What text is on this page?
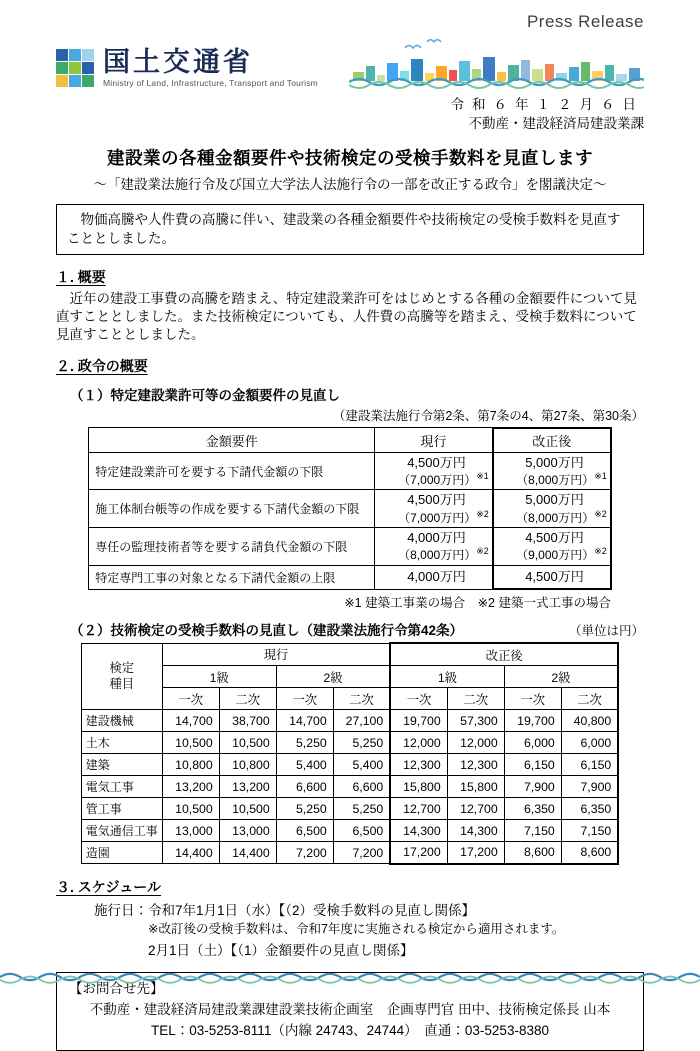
Press Release
国土交通省
Ministry of Land, Infrastructure, Transport and Tourism
令和６年１２月６日
不動産・建設経済局建設業課
建設業の各種金額要件や技術検定の受検手数料を見直します
～「建設業法施行令及び国立大学法人法施行令の一部を改正する政令」を閣議決定～

　物価高騰や人件費の高騰に伴い、建設業の各種金額要件や技術検定の受検手数料を見直すこととしました。

１. 概要

　近年の建設工事費の高騰を踏まえ、特定建設業許可をはじめとする各種の金額要件について見直すこととしました。また技術検定についても、人件費の高騰等を踏まえ、受検手数料について見直すこととしました。

２. 政令の概要
（１）特定建設業許可等の金額要件の見直し
（建設業法施行令第2条、第7条の4、第27条、第30条）
金額要件	現行	改正後
特定建設業許可を要する下請代金額の下限	
4,500万円
（7,000万円）$^{※1}$

5,000万円
（8,000万円）$^{※1}$

施工体制台帳等の作成を要する下請代金額の下限	
4,500万円
（7,000万円）$^{※2}$

5,000万円
（8,000万円）$^{※2}$

専任の監理技術者等を要する請負代金額の下限	
4,000万円
（8,000万円）$^{※2}$

4,500万円
（9,000万円）$^{※2}$

特定専門工事の対象となる下請代金額の上限	4,000万円	4,500万円
※1 建築工事業の場合　※2 建築一式工事の場合
（２）技術検定の受検手数料の見直し（建設業法施行令第42条）	（単位は円）
検定種目	現行				改正後			
	1級		2級		1級		2級	
	一次	二次	一次	二次	一次	二次	一次	二次
建設機械	14,700	38,700	14,700	27,100	19,700	57,300	19,700	40,800
土木	10,500	10,500	5,250	5,250	12,000	12,000	6,000	6,000
建築	10,800	10,800	5,400	5,400	12,300	12,300	6,150	6,150
電気工事	13,200	13,200	6,600	6,600	15,800	15,800	7,900	7,900
管工事	10,500	10,500	5,250	5,250	12,700	12,700	6,350	6,350
電気通信工事	13,000	13,000	6,500	6,500	14,300	14,300	7,150	7,150
造園	14,400	14,400	7,200	7,200	17,200	17,200	8,600	8,600
３. スケジュール
施行日：令和7年1月1日（水）【（2）受検手数料の見直し関係】
※改訂後の受検手数料は、令和7年度に実施される検定から適用されます。
2月1日（土）【（1）金額要件の見直し関係】
【お問合せ先】
不動産・建設経済局建設業課建設業技術企画室　企画専門官 田中、技術検定係長 山本
TEL：03-5253-8111（内線 24743、24744）　直通：03-5253-8380
